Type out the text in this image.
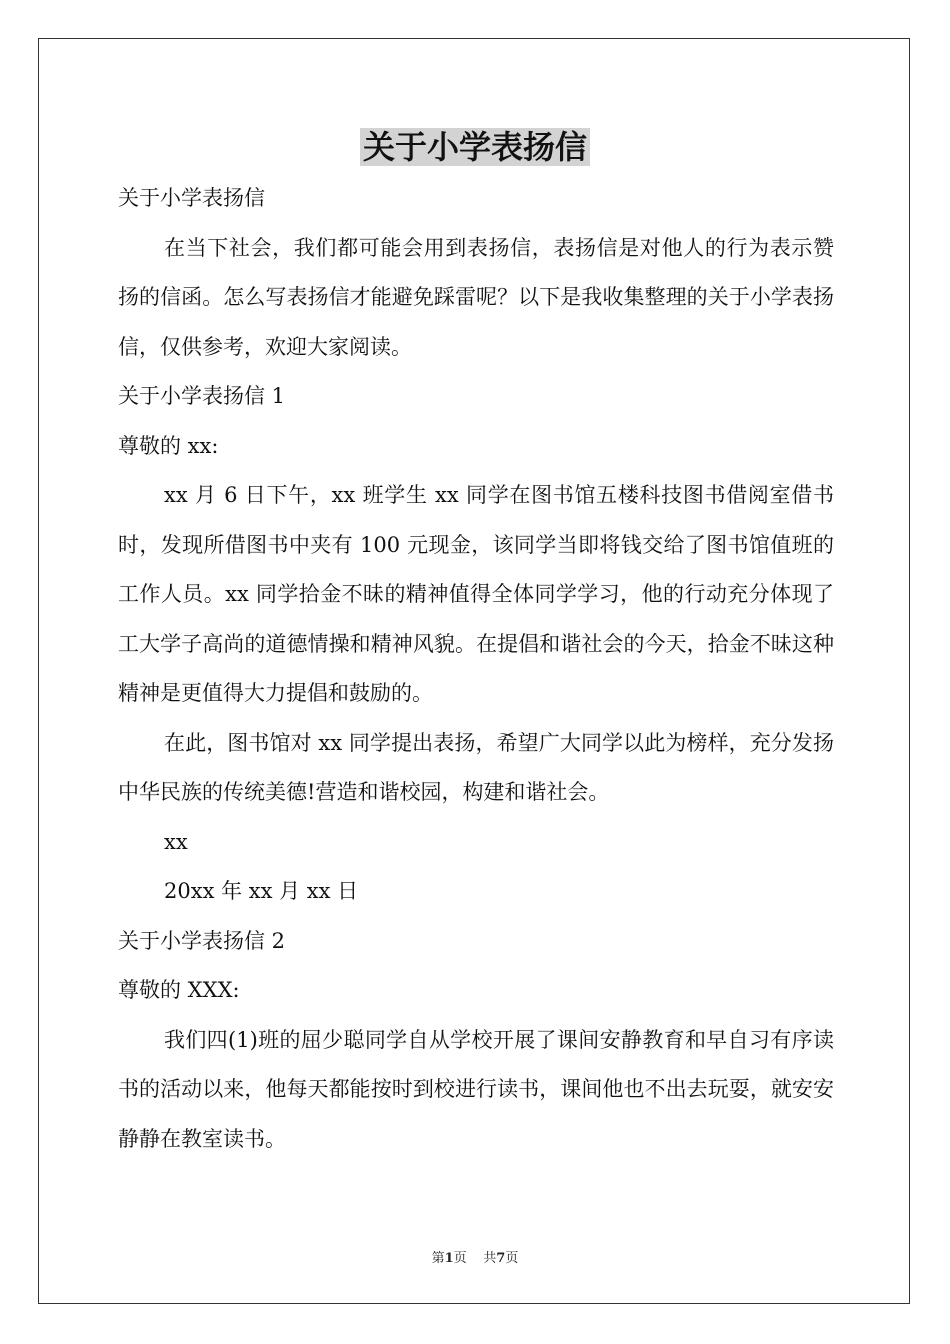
关于小学表扬信

关于小学表扬信

在当下社会，我们都可能会用到表扬信，表扬信是对他人的行为表示赞扬的信函。怎么写表扬信才能避免踩雷呢？以下是我收集整理的关于小学表扬信，仅供参考，欢迎大家阅读。

关于小学表扬信 1

尊敬的 xx:

xx 月 6 日下午，xx 班学生 xx 同学在图书馆五楼科技图书借阅室借书时，发现所借图书中夹有 100 元现金，该同学当即将钱交给了图书馆值班的工作人员。xx 同学拾金不昧的精神值得全体同学学习，他的行动充分体现了工大学子高尚的道德情操和精神风貌。在提倡和谐社会的今天，拾金不昧这种精神是更值得大力提倡和鼓励的。

在此，图书馆对 xx 同学提出表扬，希望广大同学以此为榜样，充分发扬中华民族的传统美德!营造和谐校园，构建和谐社会。

xx

20xx 年 xx 月 xx 日

关于小学表扬信 2

尊敬的 XXX:

我们四(1)班的屈少聪同学自从学校开展了课间安静教育和早自习有序读书的活动以来，他每天都能按时到校进行读书，课间他也不出去玩耍，就安安静静在教室读书。

第1页 共7页
